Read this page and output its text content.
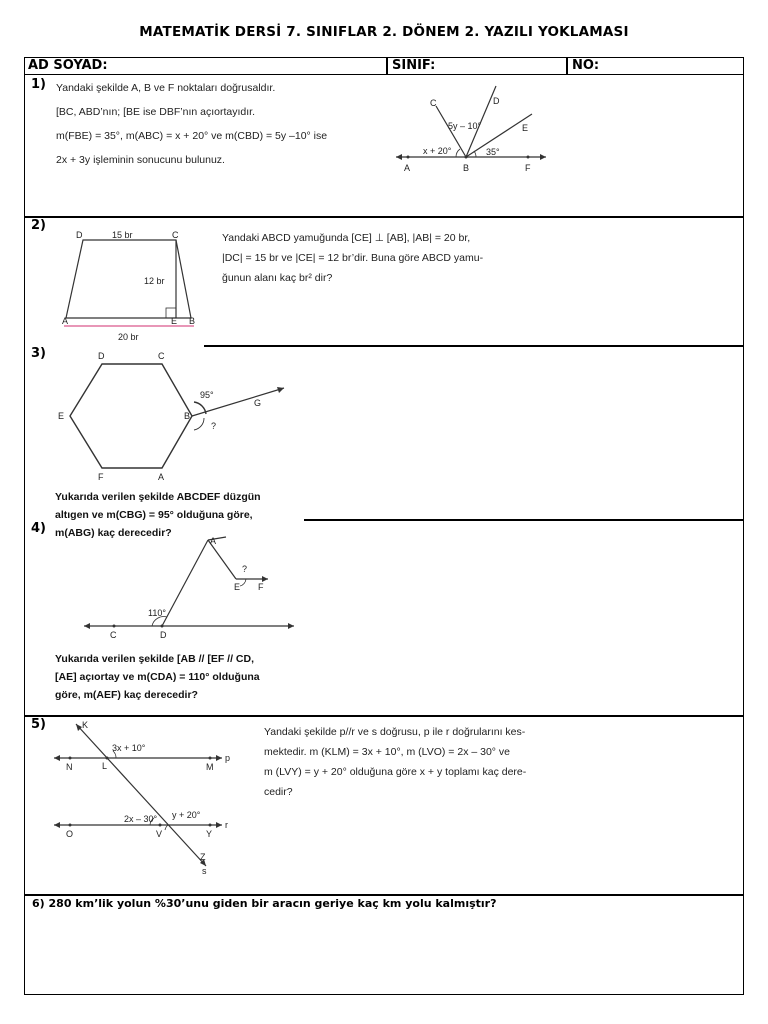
MATEMATİK DERSİ 7. SINIFLAR 2. DÖNEM 2. YAZILI YOKLAMASI
AD SOYAD:	SINIF:	NO:
1) Yandaki şekilde A, B ve F noktaları doğrusaldır.
[BC, ABD’nın; [BE ise DBF’nın açıortayıdır.
m(FBE) = 35°, m(ABC) = x + 20° ve m(CBD) = 5y –10° ise
2x + 3y işleminin sonucunu bulunuz.
A	B	F
C	D
E
x + 20°
5y – 10°
35°
2)
D	C
A	E B
15 br
12 br
20 br
Yandaki ABCD yamuğunda [CE] ⊥ [AB], |AB| = 20 br,
|DC| = 15 br ve |CE| = 12 br’dir. Buna göre ABCD yamu-
ğunun alanı kaç br² dir?
3)	D	C
E	B
F	A
G
95°
?
Yukarıda verilen şekilde ABCDEF düzgün
altıgen ve m(CBG) = 95° olduğuna göre,
m(ABG) kaç derecedir?
4)
A
E F
C	D
110°
?
Yukarıda verilen şekilde [AB // [EF // CD,
[AE] açıortay ve m(CDA) = 110° olduğuna
göre, m(AEF) kaç derecedir?
5)	K
N	L	M
p
3x + 10°
O	V	Y
r
2x – 30° y + 20°
Z
s
Yandaki şekilde p//r ve s doğrusu, p ile r doğrularını kes-
mektedir. m (KLM) = 3x + 10°, m (LVO) = 2x – 30° ve
m (LVY) = y + 20° olduğuna göre x + y toplamı kaç dere-
cedir?
6) 280 km’lik yolun %30’unu giden bir aracın geriye kaç km yolu kalmıştır?
